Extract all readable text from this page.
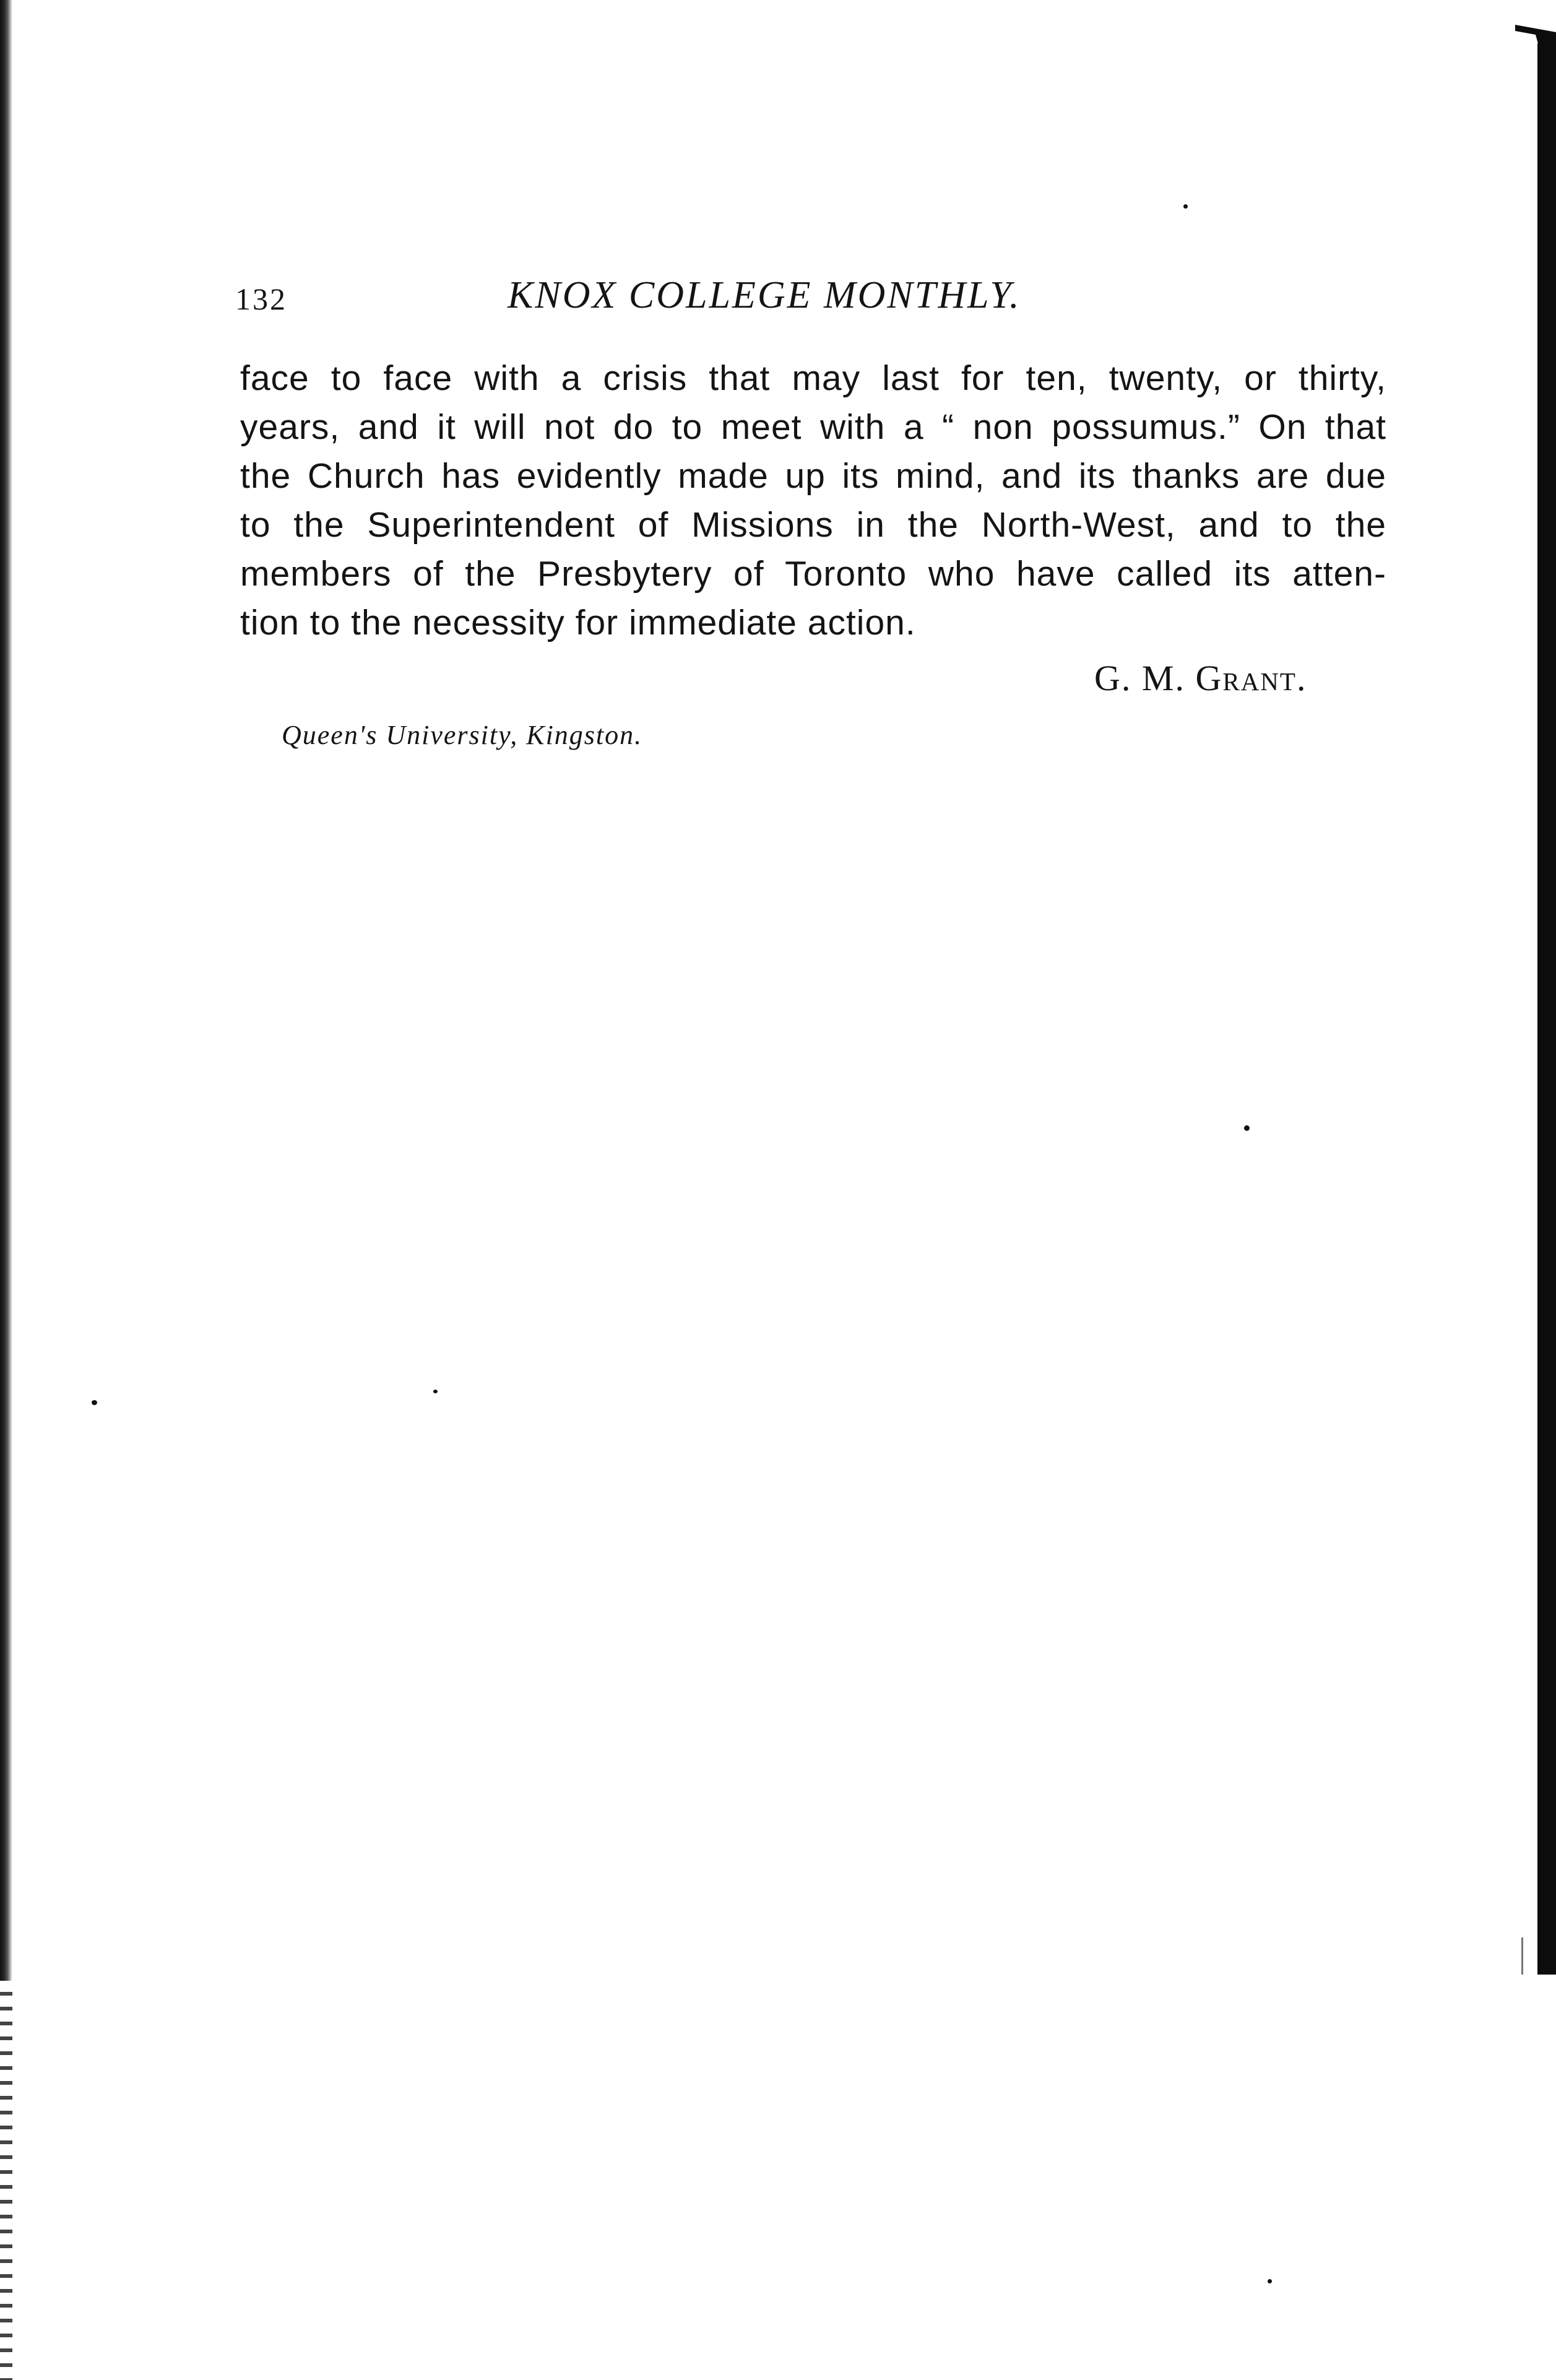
132	KNOX COLLEGE MONTHLY.

face to face with a crisis that may last for ten, twenty, or thirty,
years, and it will not do to meet with a “ non possumus.” On that
the Church has evidently made up its mind, and its thanks are due
to the Superintendent of Missions in the North-West, and to the
members of the Presbytery of Toronto who have called its atten-
tion to the necessity for immediate action.

G. M. Grant.
Queen's University, Kingston.
